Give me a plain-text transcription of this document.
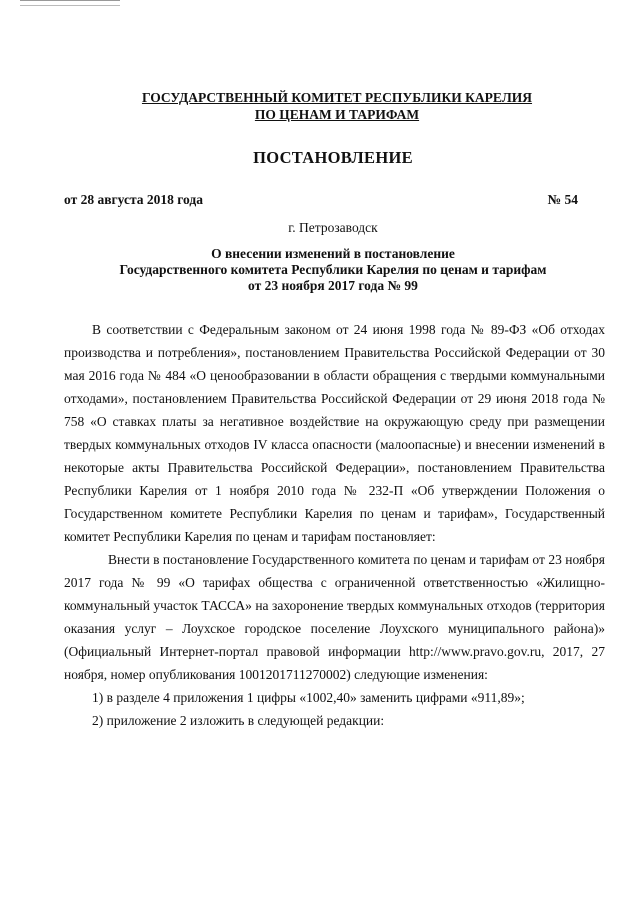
ГОСУДАРСТВЕННЫЙ КОМИТЕТ РЕСПУБЛИКИ КАРЕЛИЯ
ПО ЦЕНАМ И ТАРИФАМ
ПОСТАНОВЛЕНИЕ
от 28 августа 2018 года	№ 54
г. Петрозаводск
О внесении изменений в постановление
Государственного комитета Республики Карелия по ценам и тарифам
от 23 ноября 2017 года № 99

В соответствии с Федеральным законом от 24 июня 1998 года № 89-ФЗ «Об отходах производства и потребления», постановлением Правительства Российской Федерации от 30 мая 2016 года № 484 «О ценообразовании в области обращения с твердыми коммунальными отходами», постановлением Правительства Российской Федерации от 29 июня 2018 года № 758 «О ставках платы за негативное воздействие на окружающую среду при размещении твердых коммунальных отходов IV класса опасности (малоопасные) и внесении изменений в некоторые акты Правительства Российской Федерации», постановлением Правительства Республики Карелия от 1 ноября 2010 года № 232-П «Об утверждении Положения о Государственном комитете Республики Карелия по ценам и тарифам», Государственный комитет Республики Карелия по ценам и тарифам постановляет:

Внести в постановление Государственного комитета по ценам и тарифам от 23 ноября 2017 года № 99 «О тарифах общества с ограниченной ответственностью «Жилищно-коммунальный участок ТАССА» на захоронение твердых коммунальных отходов (территория оказания услуг – Лоухское городское поселение Лоухского муниципального района)» (Официальный Интернет-портал правовой информации http://www.pravo.gov.ru, 2017, 27 ноября, номер опубликования 1001201711270002) следующие изменения:

1) в разделе 4 приложения 1 цифры «1002,40» заменить цифрами «911,89»;

2) приложение 2 изложить в следующей редакции:
